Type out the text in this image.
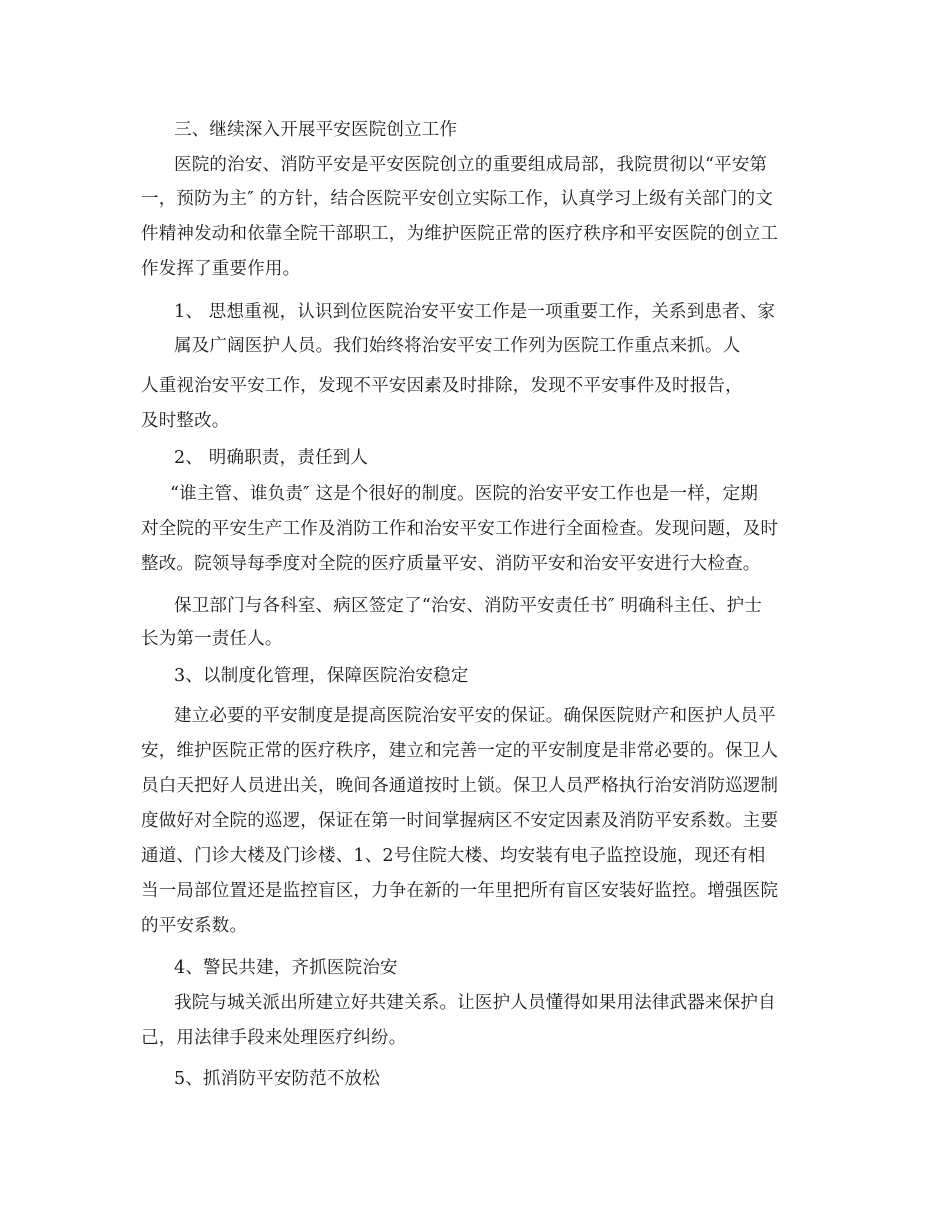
三、继续深入开展平安医院创立工作
医院的治安、消防平安是平安医院创立的重要组成局部，我院贯彻以“平安第
一，预防为主″ 的方针，结合医院平安创立实际工作，认真学习上级有关部门的文
件精神发动和依靠全院干部职工，为维护医院正常的医疗秩序和平安医院的创立工
作发挥了重要作用。
1、 思想重视，认识到位医院治安平安工作是一项重要工作，关系到患者、家
属及广阔医护人员。我们始终将治安平安工作列为医院工作重点来抓。人
人重视治安平安工作，发现不平安因素及时排除，发现不平安事件及时报告，
及时整改。
2、 明确职责，责任到人
“谁主管、谁负责″ 这是个很好的制度。医院的治安平安工作也是一样，定期
对全院的平安生产工作及消防工作和治安平安工作进行全面检查。发现问题，及时
整改。院领导每季度对全院的医疗质量平安、消防平安和治安平安进行大检查。
保卫部门与各科室、病区签定了“治安、消防平安责任书″ 明确科主任、护士
长为第一责任人。
3、以制度化管理，保障医院治安稳定
建立必要的平安制度是提高医院治安平安的保证。确保医院财产和医护人员平
安，维护医院正常的医疗秩序，建立和完善一定的平安制度是非常必要的。保卫人
员白天把好人员进出关，晚间各通道按时上锁。保卫人员严格执行治安消防巡逻制
度做好对全院的巡逻，保证在第一时间掌握病区不安定因素及消防平安系数。主要
通道、门诊大楼及门诊楼、1、2号住院大楼、均安装有电子监控设施，现还有相
当一局部位置还是监控盲区，力争在新的一年里把所有盲区安装好监控。增强医院
的平安系数。
4、警民共建，齐抓医院治安
我院与城关派出所建立好共建关系。让医护人员懂得如果用法律武器来保护自
己，用法律手段来处理医疗纠纷。
5、抓消防平安防范不放松
